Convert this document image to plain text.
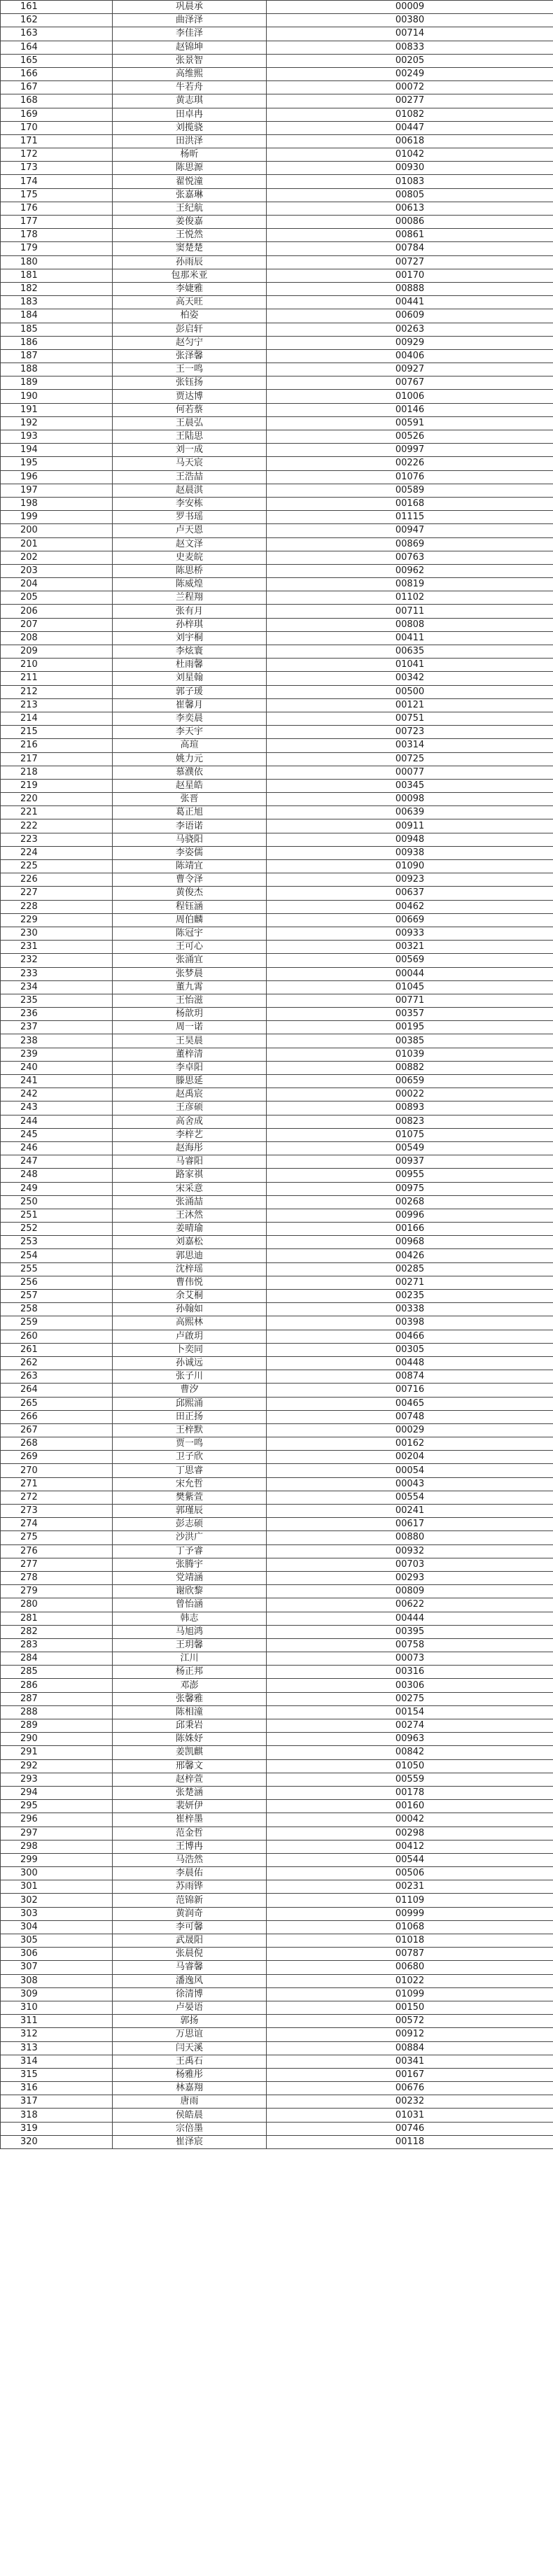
161	巩晨承	00009
162	曲泽泽	00380
163	李佳泽	00714
164	赵锦坤	00833
165	张景智	00205
166	高维熙	00249
167	牛若舟	00072
168	黄志琪	00277
169	田卓冉	01082
170	刘揽骁	00447
171	田洪泽	00618
172	杨昕	01042
173	陈思源	00930
174	翟悦潼	01083
175	张嘉琳	00805
176	王纪航	00613
177	姜俊嘉	00086
178	王悦然	00861
179	窦楚楚	00784
180	孙雨辰	00727
181	包那米亚	00170
182	李婕雅	00888
183	高天旺	00441
184	柏姿	00609
185	彭启轩	00263
186	赵匀宁	00929
187	张泽馨	00406
188	王一鸣	00927
189	张钰扬	00767
190	贾达博	01006
191	何若蔡	00146
192	王晨弘	00591
193	王陆思	00526
194	刘一成	00997
195	马天宸	00226
196	王浩喆	01076
197	赵晨淇	00589
198	李安栋	00168
199	罗书瑶	01115
200	卢天恩	00947
201	赵文泽	00869
202	史麦皖	00763
203	陈思桥	00962
204	陈威煌	00819
205	兰程翔	01102
206	张有月	00711
207	孙梓琪	00808
208	刘宇桐	00411
209	李炫寰	00635
210	杜雨馨	01041
211	刘星翰	00342
212	郭子瑗	00500
213	崔馨月	00121
214	李奕晨	00751
215	李天宇	00723
216	高瑄	00314
217	姚力元	00725
218	慕濮依	00077
219	赵星皓	00345
220	张晋	00098
221	葛正旭	00639
222	李语诺	00911
223	马骁阳	00948
224	李姿儒	00938
225	陈靖宜	01090
226	曹令泽	00923
227	黄俊杰	00637
228	程钰涵	00462
229	周伯麟	00669
230	陈冠宇	00933
231	王可心	00321
232	张涌宜	00569
233	张梦晨	00044
234	董九霄	01045
235	王怡滋	00771
236	杨歆玥	00357
237	周一诺	00195
238	王昊晨	00385
239	董梓清	01039
240	李卓阳	00882
241	滕思延	00659
242	赵禹宸	00022
243	王彦硕	00893
244	高舍成	00823
245	李梓艺	01075
246	赵海彤	00549
247	马睿阳	00937
248	路家祺	00955
249	宋采意	00975
250	张涌喆	00268
251	王沐然	00996
252	姜晴瑜	00166
253	刘嘉松	00968
254	郭思迪	00426
255	沈梓瑶	00285
256	曹伟悦	00271
257	余艾桐	00235
258	孙翰如	00338
259	高熙林	00398
260	卢啟玥	00466
261	卜奕同	00305
262	孙诚远	00448
263	张子川	00874
264	曹汐	00716
265	邱熙涌	00465
266	田正扬	00748
267	王梓默	00029
268	贾一鸣	00162
269	卫子欣	00204
270	丁思睿	00054
271	宋允哲	00043
272	樊紫萱	00554
273	郭瑾辰	00241
274	彭志硕	00617
275	沙洪广	00880
276	丁予睿	00932
277	张腾宇	00703
278	党靖涵	00293
279	谢欣黎	00809
280	曾怡涵	00622
281	韩志	00444
282	马旭鸿	00395
283	王玥馨	00758
284	江川	00073
285	杨正邦	00316
286	邓澎	00306
287	张馨雅	00275
288	陈相潼	00154
289	邱秉岩	00274
290	陈姝妤	00963
291	姜凯麒	00842
292	邢馨文	01050
293	赵梓萱	00559
294	张楚涵	00178
295	裴妍伊	00160
296	崔梓墨	00042
297	范金哲	00298
298	王博冉	00412
299	马浩然	00544
300	李晨佑	00506
301	苏雨铧	00231
302	范锦新	01109
303	黄润奇	00999
304	李可馨	01068
305	武晟阳	01018
306	张晨倪	00787
307	马睿馨	00680
308	潘逸风	01022
309	徐清博	01099
310	卢晏语	00150
311	郭扬	00572
312	万思谊	00912
313	闫天溪	00884
314	王禹石	00341
315	杨雅彤	00167
316	林嘉翔	00676
317	唐雨	00232
318	侯皓晨	01031
319	宗倍墨	00746
320	崔泽宸	00118
